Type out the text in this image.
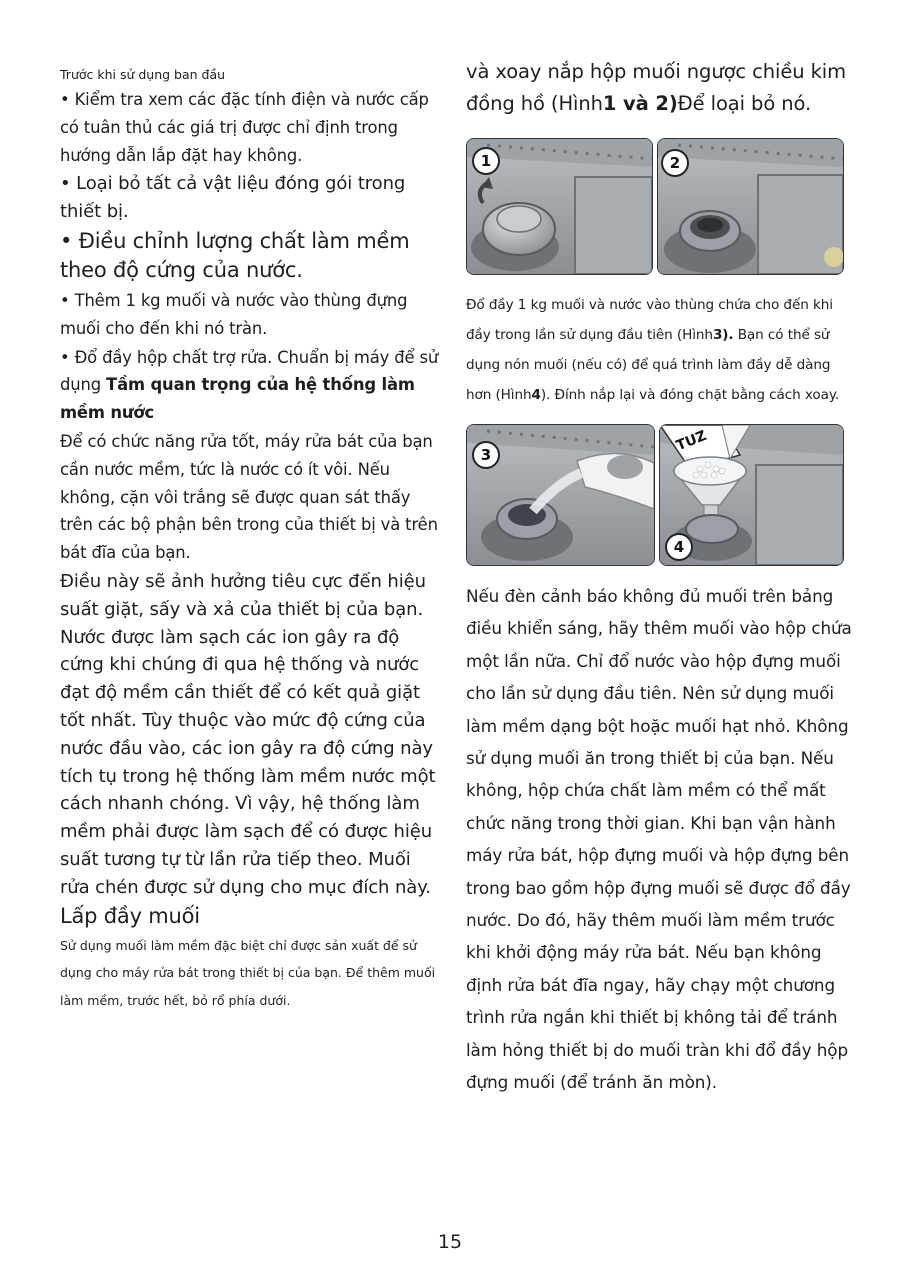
Trước khi sử dụng ban đầu

• Kiểm tra xem các đặc tính điện và nước cấp có tuân thủ các giá trị được chỉ định trong hướng dẫn lắp đặt hay không.

• Loại bỏ tất cả vật liệu đóng gói trong thiết bị.

• Điều chỉnh lượng chất làm mềm theo độ cứng của nước.

• Thêm 1 kg muối và nước vào thùng đựng muối cho đến khi nó tràn.

• Đổ đầy hộp chất trợ rửa. Chuẩn bị máy để sử dụng Tầm quan trọng của hệ thống làm mềm nước

Để có chức năng rửa tốt, máy rửa bát của bạn cần nước mềm, tức là nước có ít vôi. Nếu không, cặn vôi trắng sẽ được quan sát thấy trên các bộ phận bên trong của thiết bị và trên bát đĩa của bạn.

Điều này sẽ ảnh hưởng tiêu cực đến hiệu suất giặt, sấy và xả của thiết bị của bạn. Nước được làm sạch các ion gây ra độ cứng khi chúng đi qua hệ thống và nước đạt độ mềm cần thiết để có kết quả giặt tốt nhất. Tùy thuộc vào mức độ cứng của nước đầu vào, các ion gây ra độ cứng này tích tụ trong hệ thống làm mềm nước một cách nhanh chóng. Vì vậy, hệ thống làm mềm phải được làm sạch để có được hiệu suất tương tự từ lần rửa tiếp theo. Muối rửa chén được sử dụng cho mục đích này.

Lấp đầy muối

Sử dụng muối làm mềm đặc biệt chỉ được sản xuất để sử dụng cho máy rửa bát trong thiết bị của bạn. Để thêm muối làm mềm, trước hết, bỏ rổ phía dưới.

và xoay nắp hộp muối ngược chiều kim đồng hồ (Hình1 và 2)Để loại bỏ nó.

1	2

Đổ đầy 1 kg muối và nước vào thùng chứa cho đến khi đầy trong lần sử dụng đầu tiên (Hình3). Bạn có thể sử dụng nón muối (nếu có) để quá trình làm đầy dễ dàng hơn (Hình4). Đính nắp lại và đóng chặt bằng cách xoay.

3
4
TUZ

Nếu đèn cảnh báo không đủ muối trên bảng điều khiển sáng, hãy thêm muối vào hộp chứa một lần nữa. Chỉ đổ nước vào hộp đựng muối cho lần sử dụng đầu tiên. Nên sử dụng muối làm mềm dạng bột hoặc muối hạt nhỏ. Không sử dụng muối ăn trong thiết bị của bạn. Nếu không, hộp chứa chất làm mềm có thể mất chức năng trong thời gian. Khi bạn vận hành máy rửa bát, hộp đựng muối và hộp đựng bên trong bao gồm hộp đựng muối sẽ được đổ đầy nước. Do đó, hãy thêm muối làm mềm trước khi khởi động máy rửa bát. Nếu bạn không định rửa bát đĩa ngay, hãy chạy một chương trình rửa ngắn khi thiết bị không tải để tránh làm hỏng thiết bị do muối tràn khi đổ đầy hộp đựng muối (để tránh ăn mòn).

15
